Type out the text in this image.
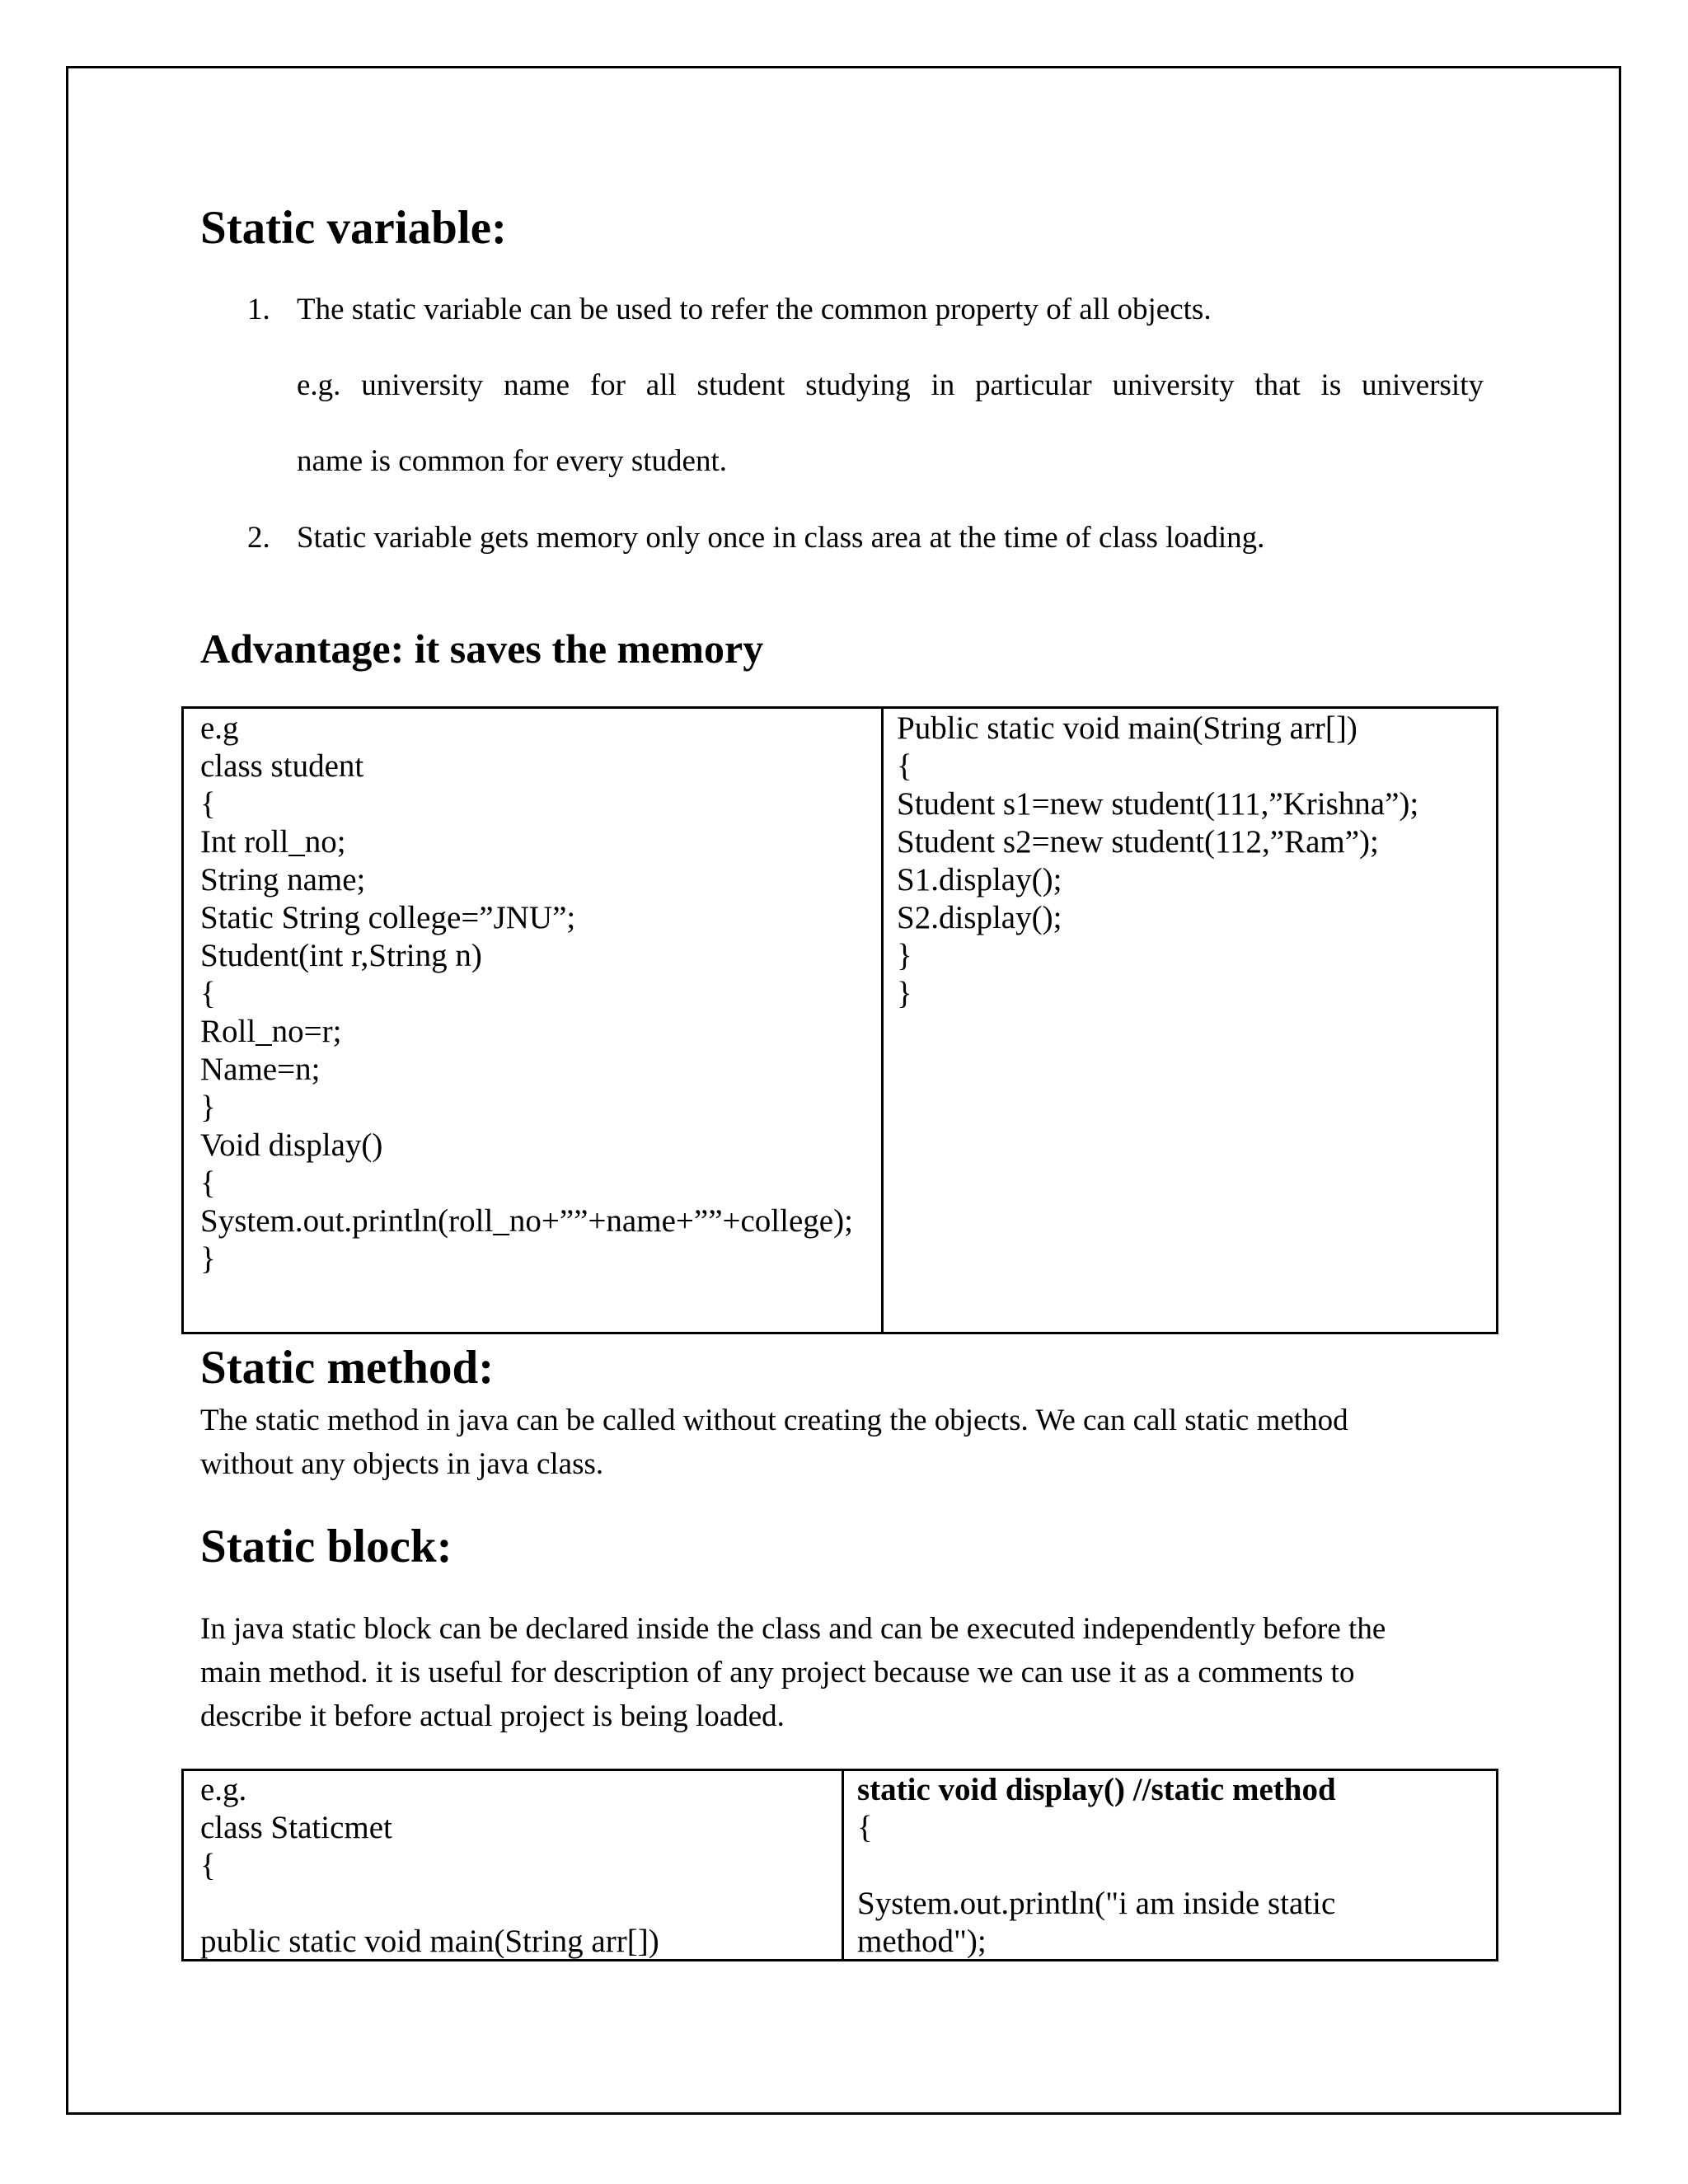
Static variable:
1. The static variable can be used to refer the common property of all objects.
e.g. university name for all student studying in particular university that is university
name is common for every student.
2. Static variable gets memory only once in class area at the time of class loading.
Advantage: it saves the memory
e.g
class student
{
Int roll_no;
String name;
Static String college=”JNU”;
Student(int r,String n)
{
Roll_no=r;
Name=n;
}
Void display()
{
System.out.println(roll_no+””+name+””+college);
}
Public static void main(String arr[])
{
Student s1=new student(111,”Krishna”);
Student s2=new student(112,”Ram”);
S1.display();
S2.display();
}
}
Static method:
The static method in java can be called without creating the objects. We can call static method
without any objects in java class.
Static block:
In java static block can be declared inside the class and can be executed independently before the
main method. it is useful for description of any project because we can use it as a comments to
describe it before actual project is being loaded.
e.g.
class Staticmet
{
public static void main(String arr[])
static void display() //static method
{
System.out.println("i am inside static
method");
